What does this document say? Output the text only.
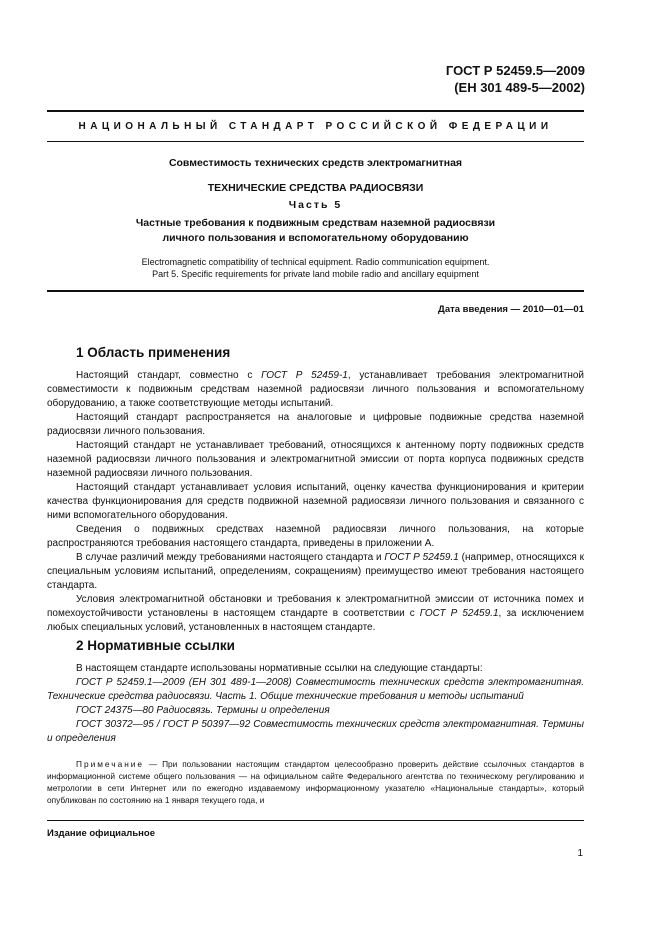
ГОСТ Р 52459.5—2009
(ЕН 301 489-5—2002)
НАЦИОНАЛЬНЫЙ СТАНДАРТ РОССИЙСКОЙ ФЕДЕРАЦИИ
Совместимость технических средств электромагнитная
ТЕХНИЧЕСКИЕ СРЕДСТВА РАДИОСВЯЗИ
Часть 5
Частные требования к подвижным средствам наземной радиосвязи
личного пользования и вспомогательному оборудованию
Electromagnetic compatibility of technical equipment. Radio communication equipment.
Part 5. Specific requirements for private land mobile radio and ancillary equipment
Дата введения — 2010—01—01
1 Область применения

Настоящий стандарт, совместно с ГОСТ Р 52459-1, устанавливает требования электромагнитной совместимости к подвижным средствам наземной радиосвязи личного пользования и вспомогательному оборудованию, а также соответствующие методы испытаний.

Настоящий стандарт распространяется на аналоговые и цифровые подвижные средства наземной радиосвязи личного пользования.

Настоящий стандарт не устанавливает требований, относящихся к антенному порту подвижных средств наземной радиосвязи личного пользования и электромагнитной эмиссии от порта корпуса подвижных средств наземной радиосвязи личного пользования.

Настоящий стандарт устанавливает условия испытаний, оценку качества функционирования и критерии качества функционирования для средств подвижной наземной радиосвязи личного пользования и связанного с ними вспомогательного оборудования.

Сведения о подвижных средствах наземной радиосвязи личного пользования, на которые распространяются требования настоящего стандарта, приведены в приложении А.

В случае различий между требованиями настоящего стандарта и ГОСТ Р 52459.1 (например, относящихся к специальным условиям испытаний, определениям, сокращениям) преимущество имеют требования настоящего стандарта.

Условия электромагнитной обстановки и требования к электромагнитной эмиссии от источника помех и помехоустойчивости установлены в настоящем стандарте в соответствии с ГОСТ Р 52459.1, за исключением любых специальных условий, установленных в настоящем стандарте.

2 Нормативные ссылки

В настоящем стандарте использованы нормативные ссылки на следующие стандарты:

ГОСТ Р 52459.1—2009 (ЕН 301 489-1—2008) Совместимость технических средств электромагнитная. Технические средства радиосвязи. Часть 1. Общие технические требования и методы испытаний

ГОСТ 24375—80 Радиосвязь. Термины и определения

ГОСТ 30372—95 / ГОСТ Р 50397—92 Совместимость технических средств электромагнитная. Термины и определения

Примечание — При пользовании настоящим стандартом целесообразно проверить действие ссылочных стандартов в информационной системе общего пользования — на официальном сайте Федерального агентства по техническому регулированию и метрологии в сети Интернет или по ежегодно издаваемому информационному указателю «Национальные стандарты», который опубликован по состоянию на 1 января текущего года, и

Издание официальное
1
